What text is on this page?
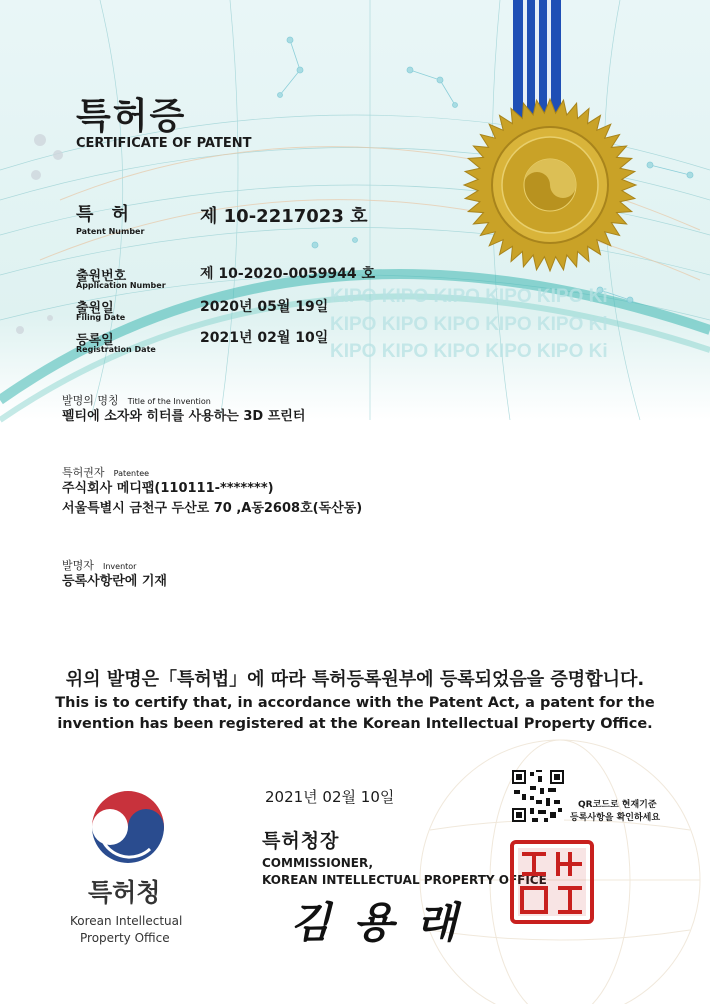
KIPO KIPO KIPO KIPO KIPO Ki
KIPO KIPO KIPO KIPO KIPO Ki
KIPO KIPO KIPO KIPO KIPO Ki
특허증
CERTIFICATE OF PATENT
특 허
Patent Number
제 10-2217023 호
출원번호
Application Number
제 10-2020-0059944 호
출원일
Filing Date
2020년 05월 19일
등록일
Registration Date
2021년 02월 10일
발명의 명칭 Title of the Invention
펠티에 소자와 히터를 사용하는 3D 프린터
특허권자 Patentee
주식회사 메디팹(110111-*******)
서울특별시 금천구 두산로 70 ,A동2608호(독산동)
발명자 Inventor
등록사항란에 기재
위의 발명은「특허법」에 따라 특허등록원부에 등록되었음을 증명합니다.
This is to certify that, in accordance with the Patent Act, a patent for the
invention has been registered at the Korean Intellectual Property Office.
특허청
Korean Intellectual
Property Office
2021년 02월 10일
특허청장
COMMISSIONER,
KOREAN INTELLECTUAL PROPERTY OFFICE
김 용 래
QR코드로 현재기준
등록사항을 확인하세요
